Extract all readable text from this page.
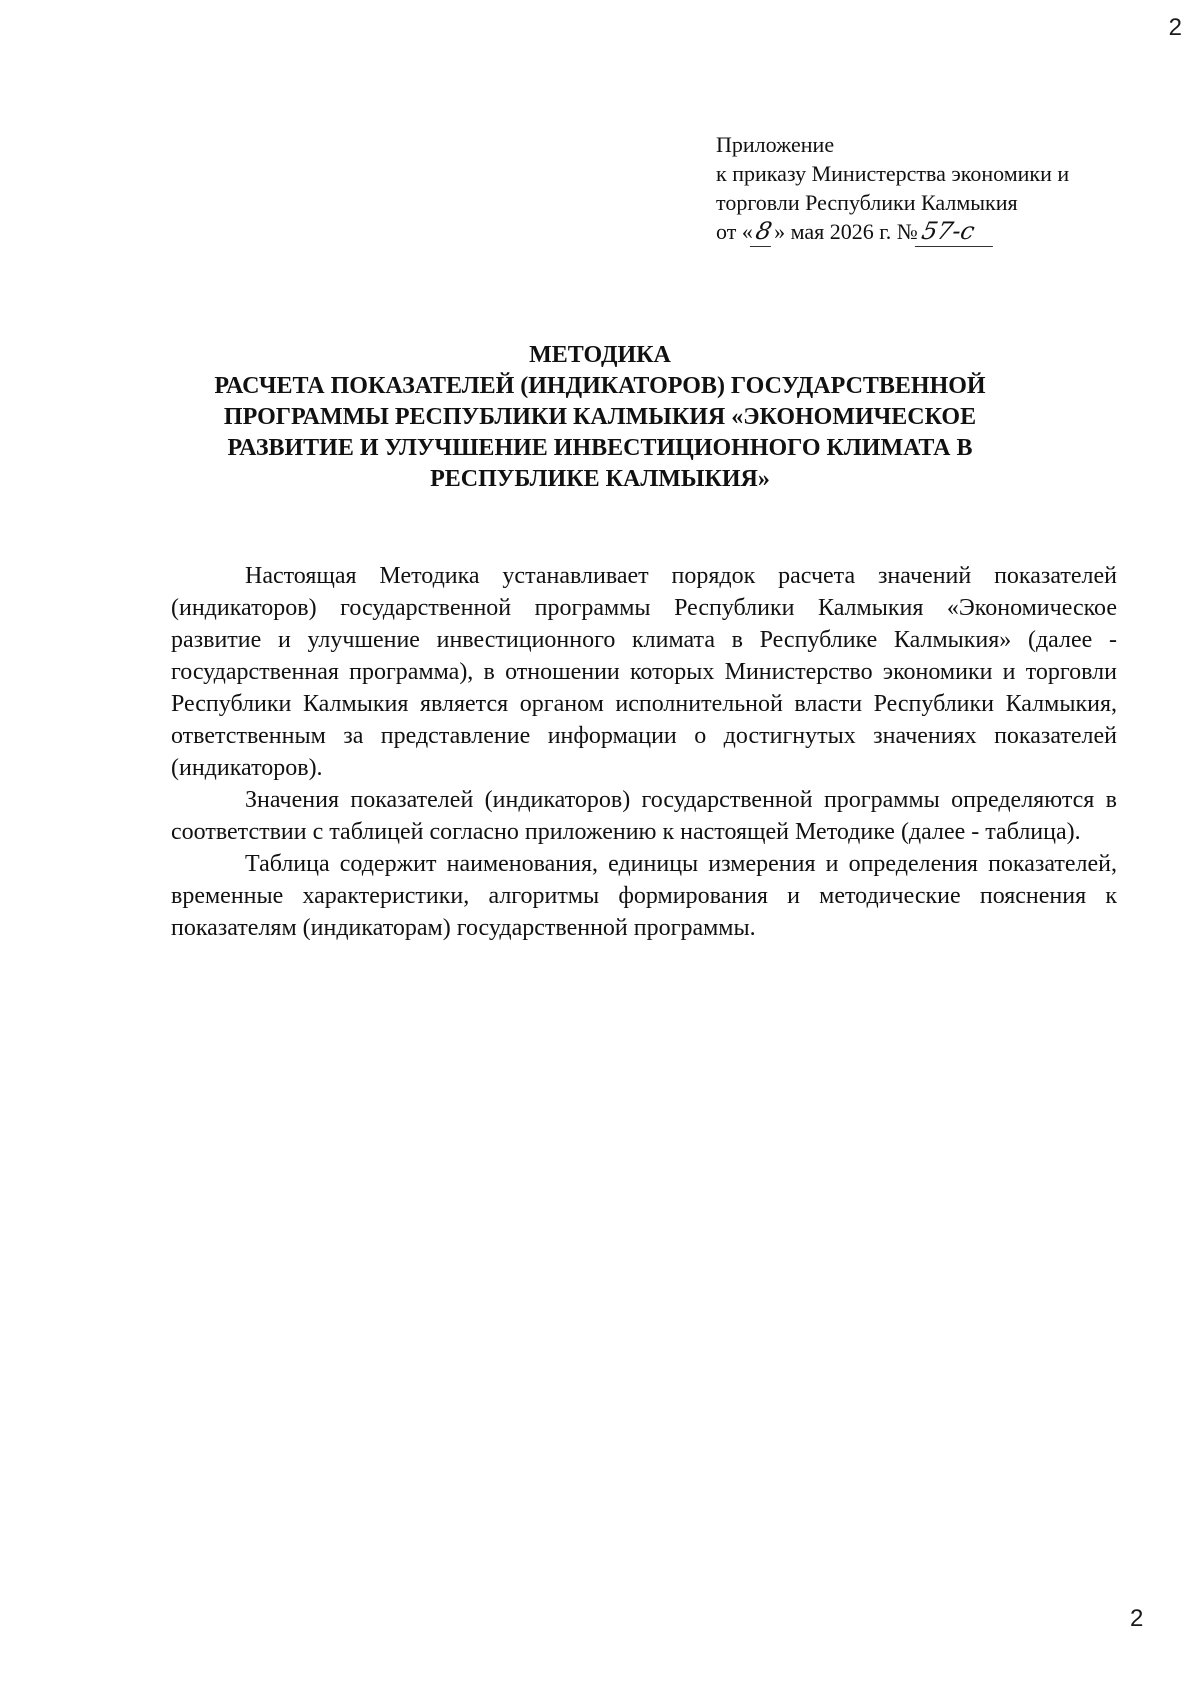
2
Приложение
к приказу Министерства экономики и
торговли Республики Калмыкия
от «8» мая 2026 г. №57-с
МЕТОДИКА
РАСЧЕТА ПОКАЗАТЕЛЕЙ (ИНДИКАТОРОВ) ГОСУДАРСТВЕННОЙ
ПРОГРАММЫ РЕСПУБЛИКИ КАЛМЫКИЯ «ЭКОНОМИЧЕСКОЕ
РАЗВИТИЕ И УЛУЧШЕНИЕ ИНВЕСТИЦИОННОГО КЛИМАТА В
РЕСПУБЛИКЕ КАЛМЫКИЯ»

Настоящая Методика устанавливает порядок расчета значений показателей (индикаторов) государственной программы Республики Калмыкия «Экономическое развитие и улучшение инвестиционного климата в Республике Калмыкия» (далее - государственная программа), в отношении которых Министерство экономики и торговли Республики Калмыкия является органом исполнительной власти Республики Калмыкия, ответственным за представление информации о достигнутых значениях показателей (индикаторов).

Значения показателей (индикаторов) государственной программы определяются в соответствии с таблицей согласно приложению к настоящей Методике (далее - таблица).

Таблица содержит наименования, единицы измерения и определения показателей, временные характеристики, алгоритмы формирования и методические пояснения к показателям (индикаторам) государственной программы.

2
